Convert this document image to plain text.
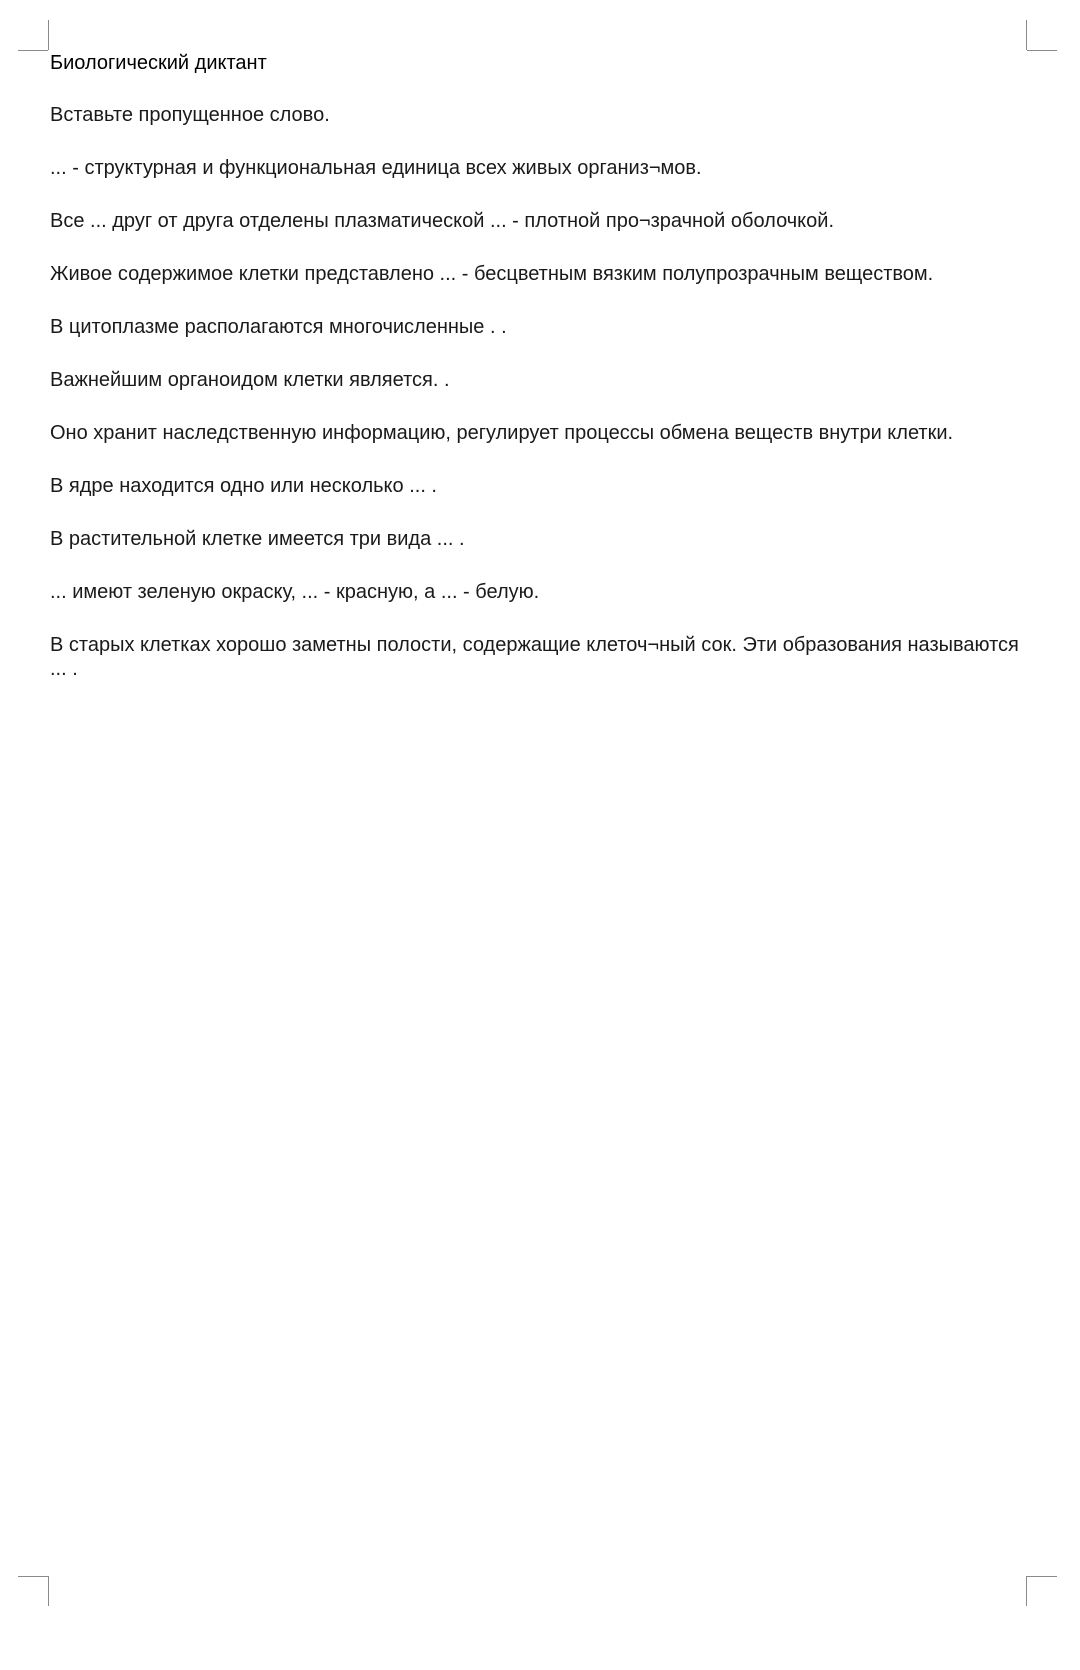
Биологический диктант

Вставьте пропущенное слово.

... - структурная и функциональная единица всех живых организ¬мов.

Все ... друг от друга отделены плазматической ... - плотной про¬зрачной оболочкой.

Живое содержимое клетки представлено ... - бесцветным вязким полупрозрачным веществом.

В цитоплазме располагаются многочисленные . .

Важнейшим органоидом клетки является. .

Оно хранит наследственную информацию, регулирует процессы обмена веществ внутри клетки.

В ядре находится одно или несколько ... .

В растительной клетке имеется три вида ... .

... имеют зеленую окраску, ... - красную, а ... - белую.

В старых клетках хорошо заметны полости, содержащие клеточ¬ный сок. Эти образования называются ... .
